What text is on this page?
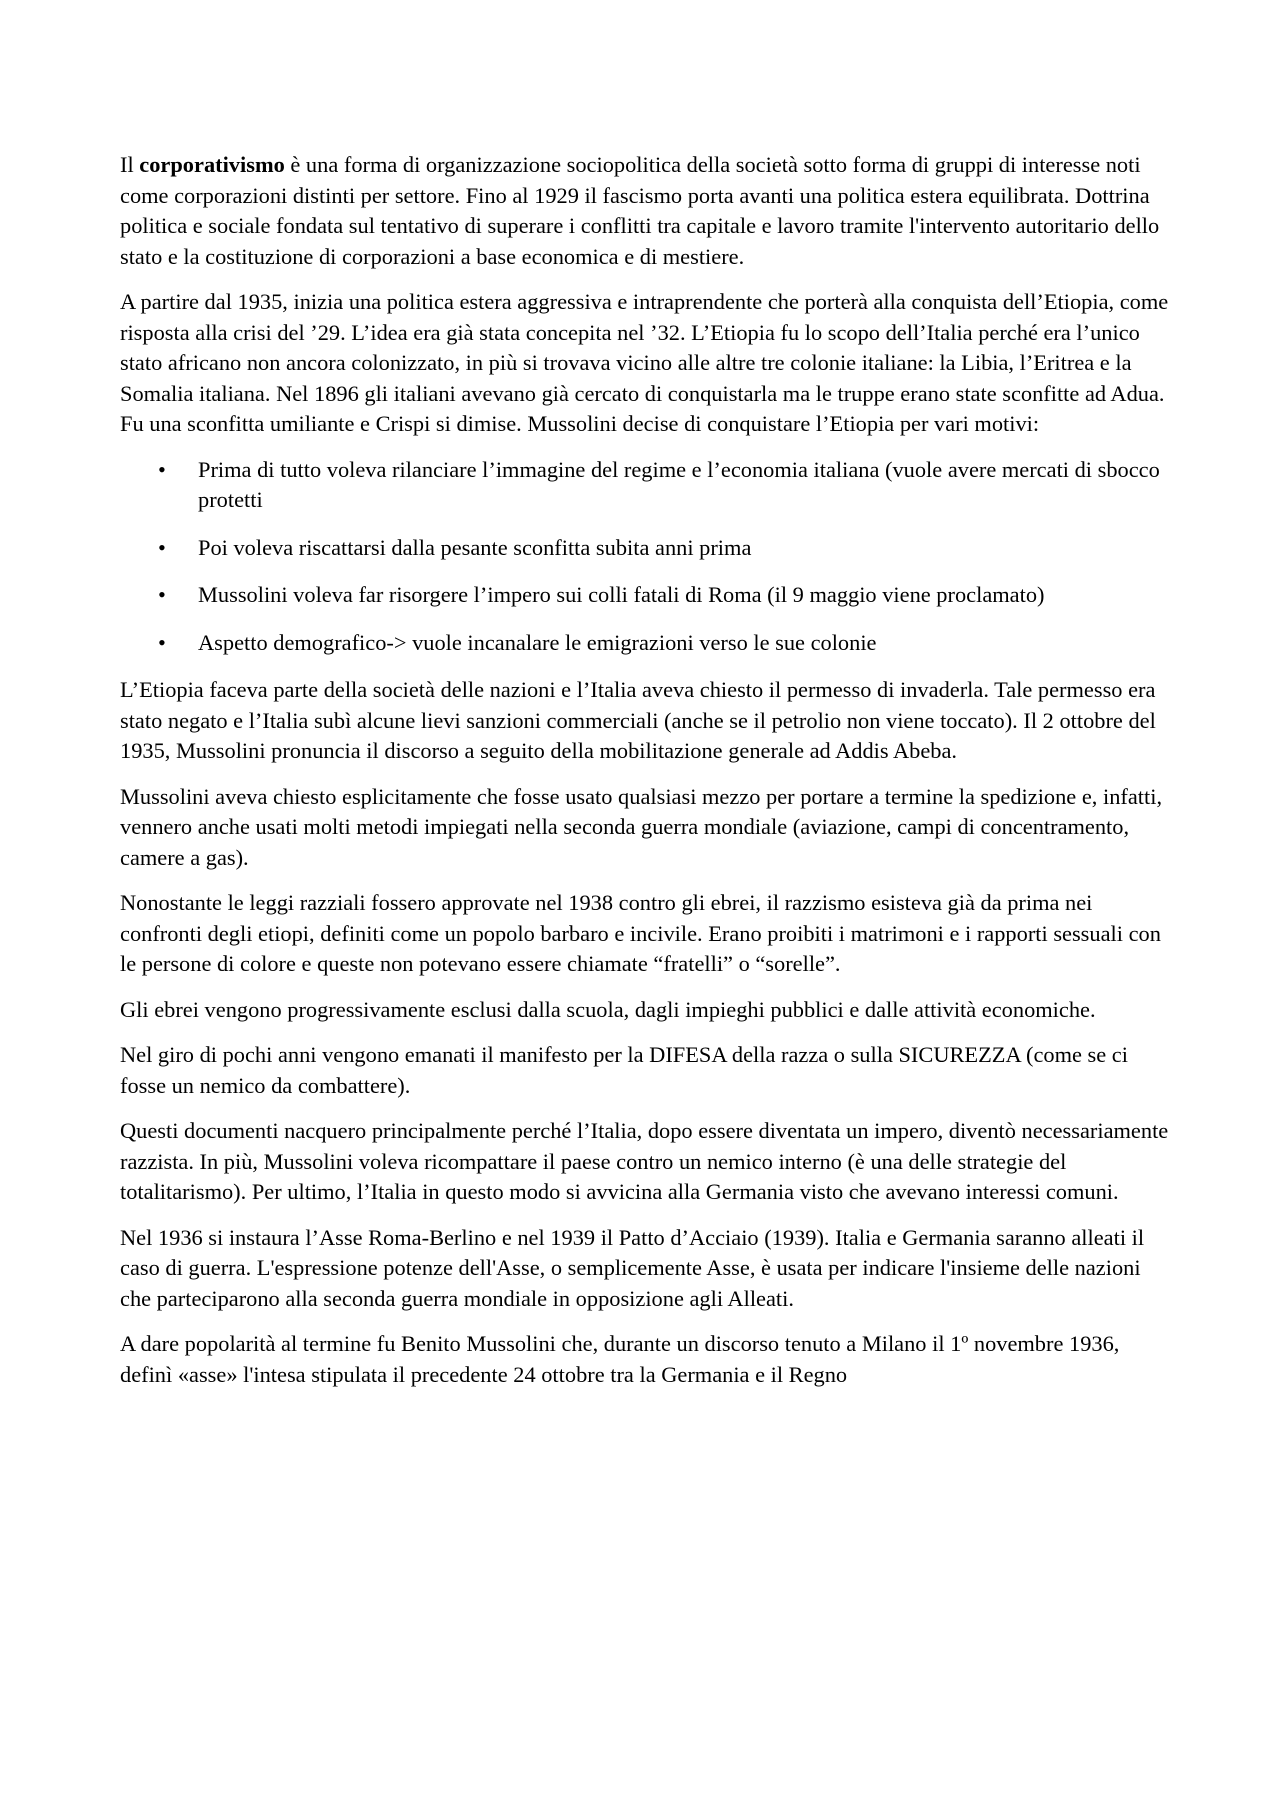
Il corporativismo è una forma di organizzazione sociopolitica della società sotto forma di gruppi di interesse noti come corporazioni distinti per settore. Fino al 1929 il fascismo porta avanti una politica estera equilibrata. Dottrina politica e sociale fondata sul tentativo di superare i conflitti tra capitale e lavoro tramite l'intervento autoritario dello stato e la costituzione di corporazioni a base economica e di mestiere.

A partire dal 1935, inizia una politica estera aggressiva e intraprendente che porterà alla conquista dell’Etiopia, come risposta alla crisi del ’29. L’idea era già stata concepita nel ’32. L’Etiopia fu lo scopo dell’Italia perché era l’unico stato africano non ancora colonizzato, in più si trovava vicino alle altre tre colonie italiane: la Libia, l’Eritrea e la Somalia italiana. Nel 1896 gli italiani avevano già cercato di conquistarla ma le truppe erano state sconfitte ad Adua. Fu una sconfitta umiliante e Crispi si dimise. Mussolini decise di conquistare l’Etiopia per vari motivi:

• Prima di tutto voleva rilanciare l’immagine del regime e l’economia italiana (vuole avere mercati di sbocco protetti
• Poi voleva riscattarsi dalla pesante sconfitta subita anni prima
• Mussolini voleva far risorgere l’impero sui colli fatali di Roma (il 9 maggio viene proclamato)
• Aspetto demografico-> vuole incanalare le emigrazioni verso le sue colonie

L’Etiopia faceva parte della società delle nazioni e l’Italia aveva chiesto il permesso di invaderla. Tale permesso era stato negato e l’Italia subì alcune lievi sanzioni commerciali (anche se il petrolio non viene toccato). Il 2 ottobre del 1935, Mussolini pronuncia il discorso a seguito della mobilitazione generale ad Addis Abeba.

Mussolini aveva chiesto esplicitamente che fosse usato qualsiasi mezzo per portare a termine la spedizione e, infatti, vennero anche usati molti metodi impiegati nella seconda guerra mondiale (aviazione, campi di concentramento, camere a gas).

Nonostante le leggi razziali fossero approvate nel 1938 contro gli ebrei, il razzismo esisteva già da prima nei confronti degli etiopi, definiti come un popolo barbaro e incivile. Erano proibiti i matrimoni e i rapporti sessuali con le persone di colore e queste non potevano essere chiamate “fratelli” o “sorelle”.

Gli ebrei vengono progressivamente esclusi dalla scuola, dagli impieghi pubblici e dalle attività economiche.

Nel giro di pochi anni vengono emanati il manifesto per la DIFESA della razza o sulla SICUREZZA (come se ci fosse un nemico da combattere).

Questi documenti nacquero principalmente perché l’Italia, dopo essere diventata un impero, diventò necessariamente razzista. In più, Mussolini voleva ricompattare il paese contro un nemico interno (è una delle strategie del totalitarismo). Per ultimo, l’Italia in questo modo si avvicina alla Germania visto che avevano interessi comuni.

Nel 1936 si instaura l’Asse Roma-Berlino e nel 1939 il Patto d’Acciaio (1939). Italia e Germania saranno alleati il caso di guerra. L'espressione potenze dell'Asse, o semplicemente Asse, è usata per indicare l'insieme delle nazioni che parteciparono alla seconda guerra mondiale in opposizione agli Alleati.

A dare popolarità al termine fu Benito Mussolini che, durante un discorso tenuto a Milano il 1º novembre 1936, definì «asse» l'intesa stipulata il precedente 24 ottobre tra la Germania e il Regno
